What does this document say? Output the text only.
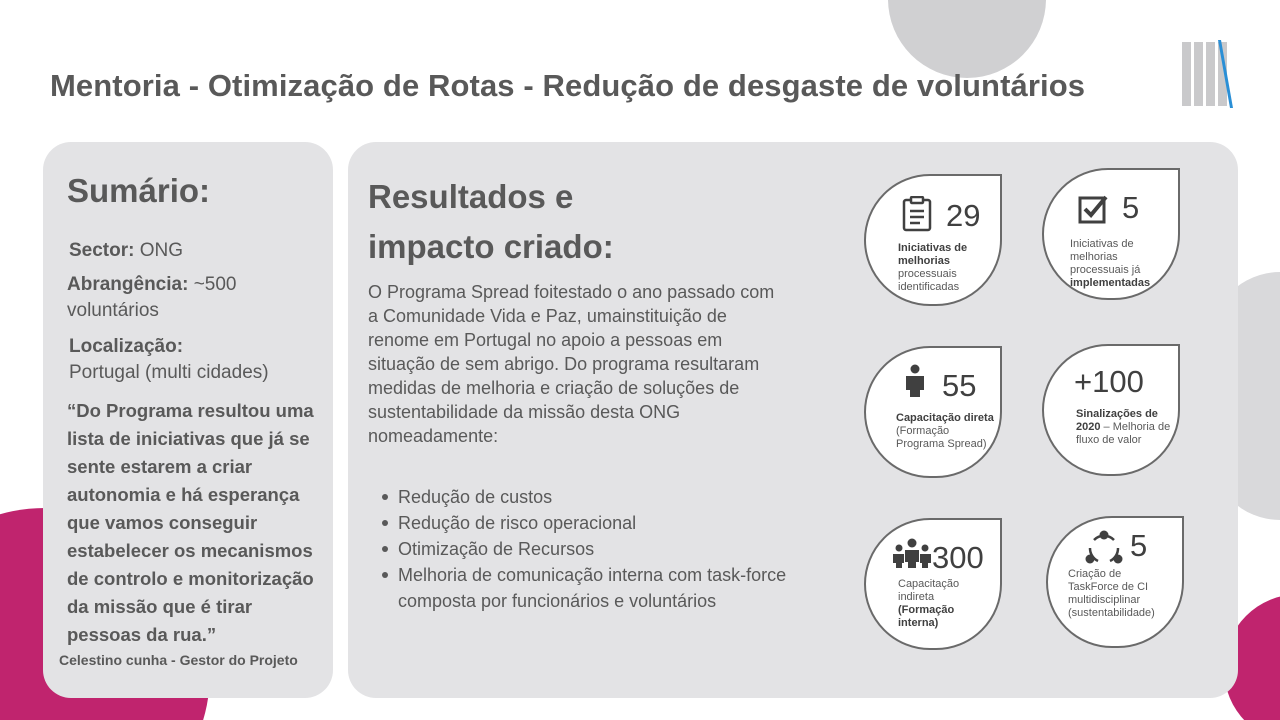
Mentoria - Otimização de Rotas - Redução de desgaste de voluntários
Sumário:
Sector: ONG
Abrangência: ~500
voluntários
Localização:
Portugal (multi cidades)
“Do Programa resultou uma lista de iniciativas que já se sente estarem a criar autonomia e há esperança que vamos conseguir estabelecer os mecanismos de controlo e monitorização da missão que é tirar pessoas da rua.”
Celestino cunha - Gestor do Projeto
Resultados e
impacto criado:

O Programa Spread foitestado o ano passado com a Comunidade Vida e Paz, umainstituição de renome em Portugal no apoio a pessoas em situação de sem abrigo. Do programa resultaram medidas de melhoria e criação de soluções de sustentabilidade da missão desta ONG nomeadamente:

Redução de custos
Redução de risco operacional
Otimização de Recursos
Melhoria de comunicação interna com task-force composta por funcionários e voluntários
29
Iniciativas de melhorias
processuais identificadas
5
Iniciativas de melhorias processuais já
implementadas
55
Capacitação direta (Formação Programa Spread)
+100
Sinalizações de 2020 – Melhoria de fluxo de valor
300
Capacitação indireta
(Formação interna)
5
Criação de TaskForce de CI multidisciplinar (sustentabilidade)
